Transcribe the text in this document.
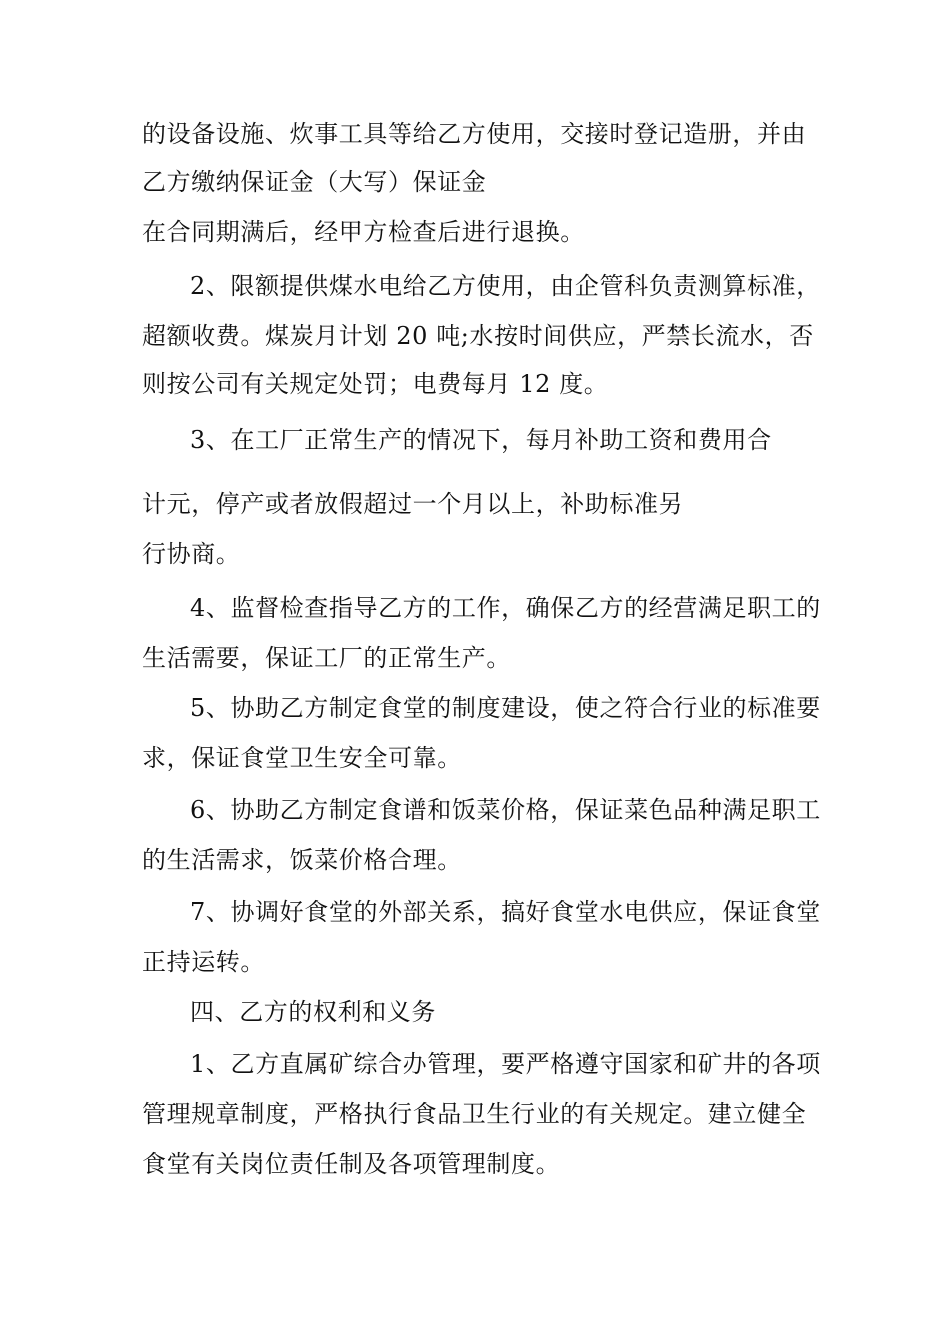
的设备设施、炊事工具等给乙方使用，交接时登记造册，并由
乙方缴纳保证金（大写）保证金
在合同期满后，经甲方检查后进行退换。
2、限额提供煤水电给乙方使用，由企管科负责测算标准，
超额收费。煤炭月计划 20 吨;水按时间供应，严禁长流水，否
则按公司有关规定处罚；电费每月 12 度。
3、在工厂正常生产的情况下，每月补助工资和费用合
计元，停产或者放假超过一个月以上，补助标准另
行协商。
4、监督检查指导乙方的工作，确保乙方的经营满足职工的
生活需要，保证工厂的正常生产。
5、协助乙方制定食堂的制度建设，使之符合行业的标准要
求，保证食堂卫生安全可靠。
6、协助乙方制定食谱和饭菜价格，保证菜色品种满足职工
的生活需求，饭菜价格合理。
7、协调好食堂的外部关系，搞好食堂水电供应，保证食堂
正持运转。
四、乙方的权利和义务
1、乙方直属矿综合办管理，要严格遵守国家和矿井的各项
管理规章制度，严格执行食品卫生行业的有关规定。建立健全
食堂有关岗位责任制及各项管理制度。
